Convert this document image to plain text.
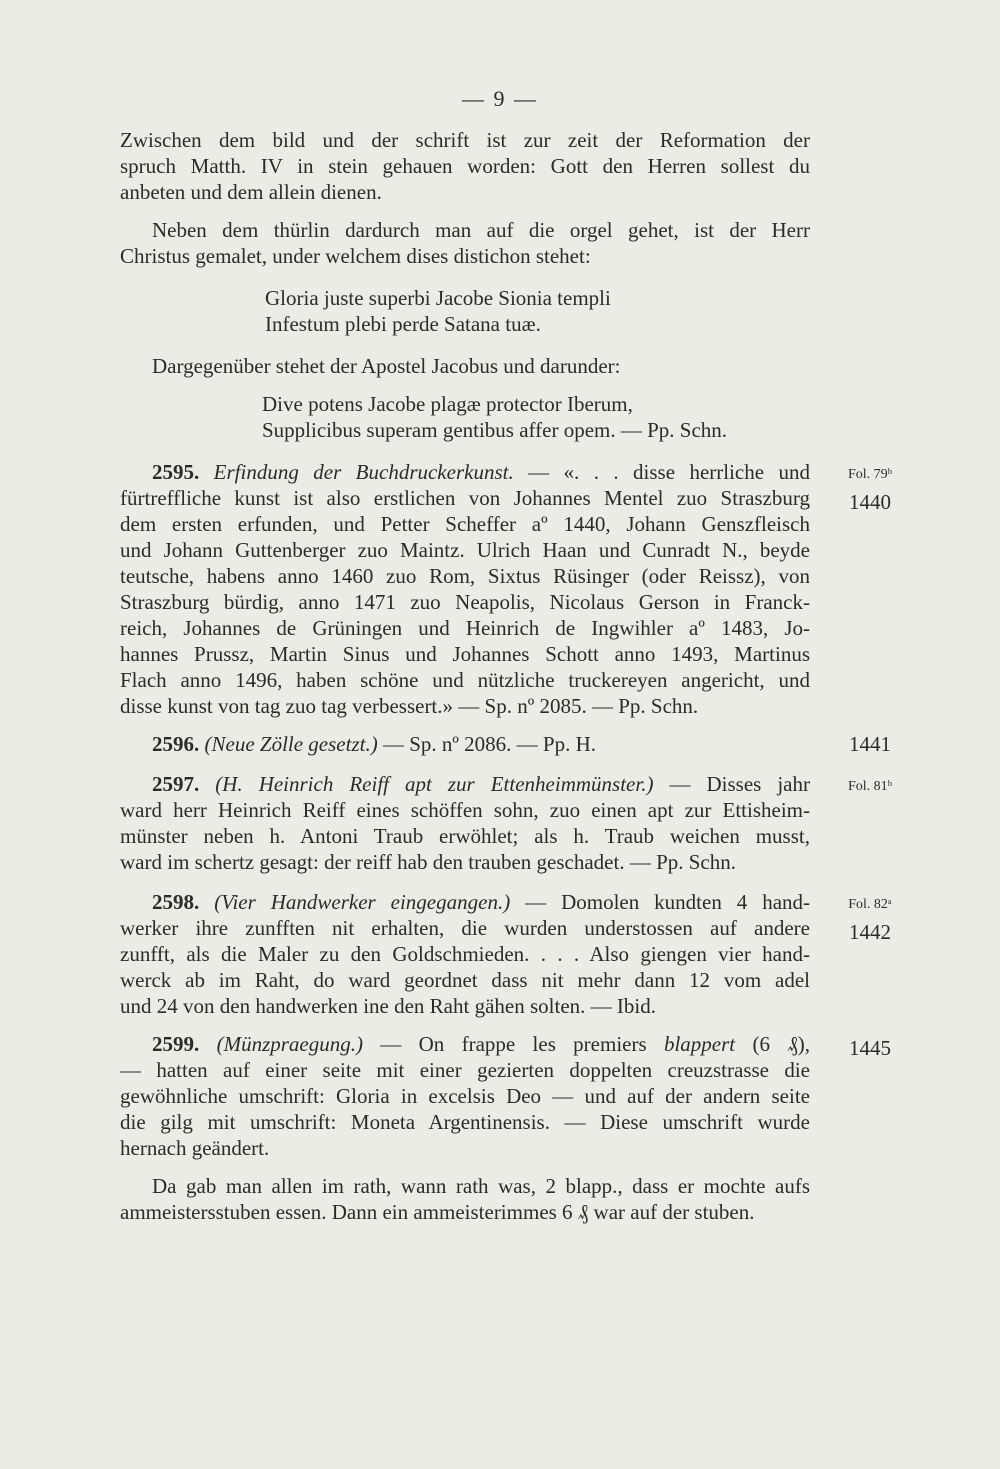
— 9 —
Zwischen dem bild und der schrift ist zur zeit der Reformation der
spruch Matth. IV in stein gehauen worden: Gott den Herren sollest du
anbeten und dem allein dienen.
Neben dem thürlin dardurch man auf die orgel gehet, ist der Herr
Christus gemalet, under welchem dises distichon stehet:
Gloria juste superbi Jacobe Sionia templi
Infestum plebi perde Satana tuæ.
Dargegenüber stehet der Apostel Jacobus und darunder:
Dive potens Jacobe plagæ protector Iberum,
Supplicibus superam gentibus affer opem. — Pp. Schn.
2595. Erfindung der Buchdruckerkunst. — «. . . disse herrliche und
fürtreffliche kunst ist also erstlichen von Johannes Mentel zuo Straszburg
dem ersten erfunden, und Petter Scheffer aº 1440, Johann Genszfleisch
und Johann Guttenberger zuo Maintz. Ulrich Haan und Cunradt N., beyde
teutsche, habens anno 1460 zuo Rom, Sixtus Rüsinger (oder Reissz), von
Straszburg bürdig, anno 1471 zuo Neapolis, Nicolaus Gerson in Franck-
reich, Johannes de Grüningen und Heinrich de Ingwihler aº 1483, Jo-
hannes Prussz, Martin Sinus und Johannes Schott anno 1493, Martinus
Flach anno 1496, haben schöne und nützliche truckereyen angericht, und
disse kunst von tag zuo tag verbessert.» — Sp. nº 2085. — Pp. Schn.
Fol. 79ᵇ
1440
2596. (Neue Zölle gesetzt.) — Sp. nº 2086. — Pp. H.	1441
2597. (H. Heinrich Reiff apt zur Ettenheimmünster.) — Disses jahr
ward herr Heinrich Reiff eines schöffen sohn, zuo einen apt zur Ettisheim-
münster neben h. Antoni Traub erwöhlet; als h. Traub weichen musst,
ward im schertz gesagt: der reiff hab den trauben geschadet. — Pp. Schn.
Fol. 81ᵇ
2598. (Vier Handwerker eingegangen.) — Domolen kundten 4 hand-
werker ihre zunfften nit erhalten, die wurden understossen auf andere
zunfft, als die Maler zu den Goldschmieden. . . . Also giengen vier hand-
werck ab im Raht, do ward geordnet dass nit mehr dann 12 vom adel
und 24 von den handwerken ine den Raht gähen solten. — Ibid.
Fol. 82ᵃ
1442
2599. (Münzpraegung.) — On frappe les premiers blappert (6 ₰),
— hatten auf einer seite mit einer gezierten doppelten creuzstrasse die
gewöhnliche umschrift: Gloria in excelsis Deo — und auf der andern seite
die gilg mit umschrift: Moneta Argentinensis. — Diese umschrift wurde
hernach geändert.
Da gab man allen im rath, wann rath was, 2 blapp., dass er mochte aufs
ammeistersstuben essen. Dann ein ammeisterimmes 6 ₰ war auf der stuben.
1445
